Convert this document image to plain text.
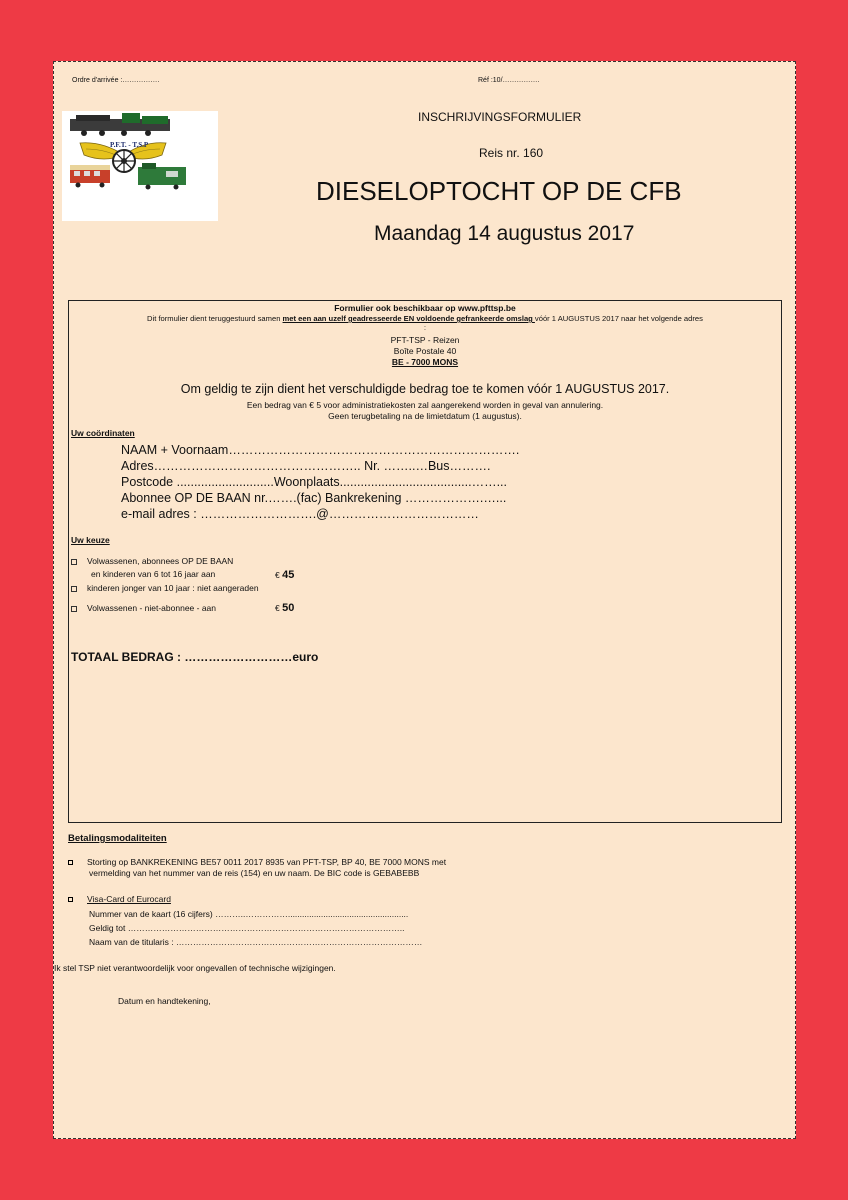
Ordre d'arrivée :…………….	Réf :10/…………….
P.F.T. - T.S.P
INSCHRIJVINGSFORMULIER
Reis nr. 160
DIESELOPTOCHT OP DE CFB
Maandag 14 augustus 2017
Formulier ook beschikbaar op www.pfttsp.be
Dit formulier dient teruggestuurd samen met een aan uzelf geadresseerde EN voldoende gefrankeerde omslag vóór 1 AUGUSTUS 2017 naar het volgende adres
:
PFT-TSP - Reizen
Boîte Postale 40
BE - 7000 MONS
Om geldig te zijn dient het verschuldigde bedrag toe te komen vóór 1 AUGUSTUS 2017.
Een bedrag van € 5 voor administratiekosten zal aangerekend worden in geval van annulering.
Geen terugbetaling na de limietdatum (1 augustus).
Uw coördinaten
NAAM + Voornaam…………………………………………………………….
Adres………………………………………….. Nr. ……..…Bus……….
Postcode ............................Woonplaats......................................……...
Abonnee OP DE BAAN nr.…….(fac) Bankrekening ……………….…...
e-mail adres : ……………………….@………………………………
Uw keuze
Volwassenen, abonnees OP DE BAAN
en kinderen van 6 tot 16 jaar aan	€ 45
kinderen jonger van 10 jaar : niet aangeraden
Volwassenen - niet-abonnee - aan	€ 50
TOTAAL BEDRAG : ………………………euro
Betalingsmodaliteiten
Storting op BANKREKENING BE57 0011 2017 8935 van PFT-TSP, BP 40, BE 7000 MONS met
vermelding van het nummer van de reis (154) en uw naam. De BIC code is GEBABEBB
Visa-Card of Eurocard
Nummer van de kaart (16 cijfers) ………..……………...................................................
Geldig tot ……………………………………………………………………………………..
Naam van de titularis : ……………………………………………………………………………
Ik stel TSP niet verantwoordelijk voor ongevallen of technische wijzigingen.
Datum en handtekening,
